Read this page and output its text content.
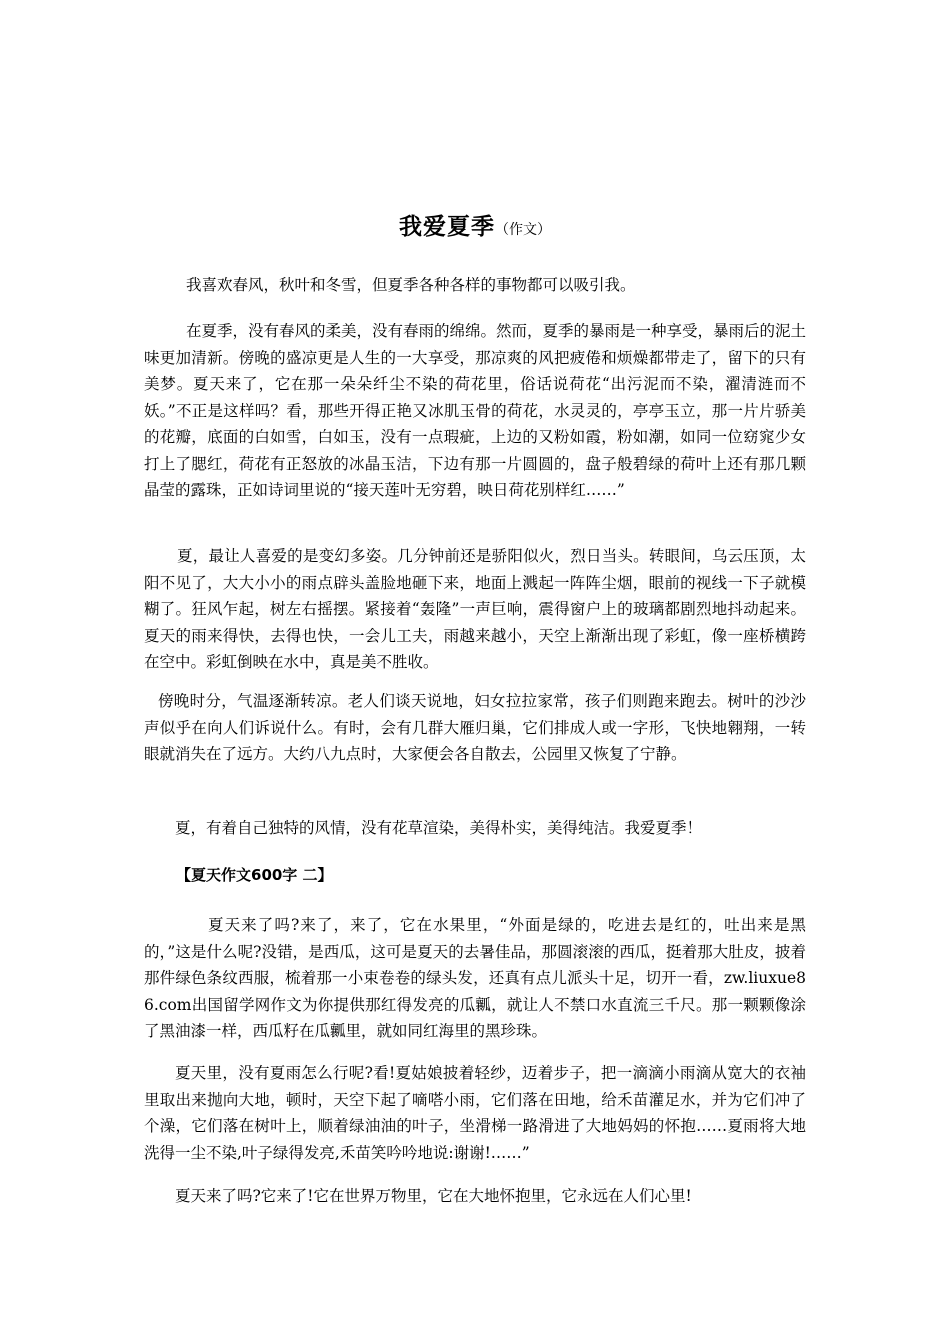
我爱夏季（作文）

我喜欢春风，秋叶和冬雪，但夏季各种各样的事物都可以吸引我。

在夏季，没有春风的柔美，没有春雨的绵绵。然而，夏季的暴雨是一种享受，暴雨后的泥土味更加清新。傍晚的盛凉更是人生的一大享受，那凉爽的风把疲倦和烦燥都带走了，留下的只有美梦。夏天来了，它在那一朵朵纤尘不染的荷花里，俗话说荷花“出污泥而不染，濯清涟而不妖。”不正是这样吗？看，那些开得正艳又冰肌玉骨的荷花，水灵灵的，亭亭玉立，那一片片骄美的花瓣，底面的白如雪，白如玉，没有一点瑕疵，上边的又粉如霞，粉如潮，如同一位窈窕少女打上了腮红，荷花有正怒放的冰晶玉洁，下边有那一片圆圆的，盘子般碧绿的荷叶上还有那几颗晶莹的露珠，正如诗词里说的“接天莲叶无穷碧，映日荷花别样红……”

夏，最让人喜爱的是变幻多姿。几分钟前还是骄阳似火，烈日当头。转眼间，乌云压顶，太阳不见了，大大小小的雨点辟头盖脸地砸下来，地面上溅起一阵阵尘烟，眼前的视线一下子就模糊了。狂风乍起，树左右摇摆。紧接着“轰隆”一声巨响，震得窗户上的玻璃都剧烈地抖动起来。夏天的雨来得快，去得也快，一会儿工夫，雨越来越小，天空上渐渐出现了彩虹，像一座桥横跨在空中。彩虹倒映在水中，真是美不胜收。

傍晚时分，气温逐渐转凉。老人们谈天说地，妇女拉拉家常，孩子们则跑来跑去。树叶的沙沙声似乎在向人们诉说什么。有时，会有几群大雁归巢，它们排成人或一字形，飞快地翱翔，一转眼就消失在了远方。大约八九点时，大家便会各自散去，公园里又恢复了宁静。

夏，有着自己独特的风情，没有花草渲染，美得朴实，美得纯洁。我爱夏季！

【夏天作文600字 二】

夏天来了吗?来了，来了，它在水果里，“外面是绿的，吃进去是红的，吐出来是黑的，”这是什么呢?没错，是西瓜，这可是夏天的去暑佳品，那圆滚滚的西瓜，挺着那大肚皮，披着那件绿色条纹西服，梳着那一小束卷卷的绿头发，还真有点儿派头十足，切开一看，zw.liuxue86.com出国留学网作文为你提供那红得发亮的瓜瓤，就让人不禁口水直流三千尺。那一颗颗像涂了黑油漆一样，西瓜籽在瓜瓤里，就如同红海里的黑珍珠。

夏天里，没有夏雨怎么行呢?看!夏姑娘披着轻纱，迈着步子，把一滴滴小雨滴从宽大的衣袖里取出来抛向大地，顿时，天空下起了嘀嗒小雨，它们落在田地，给禾苗灌足水，并为它们冲了个澡，它们落在树叶上，顺着绿油油的叶子，坐滑梯一路滑进了大地妈妈的怀抱……夏雨将大地洗得一尘不染,叶子绿得发亮,禾苗笑吟吟地说:谢谢!……”

夏天来了吗?它来了!它在世界万物里，它在大地怀抱里，它永远在人们心里!
